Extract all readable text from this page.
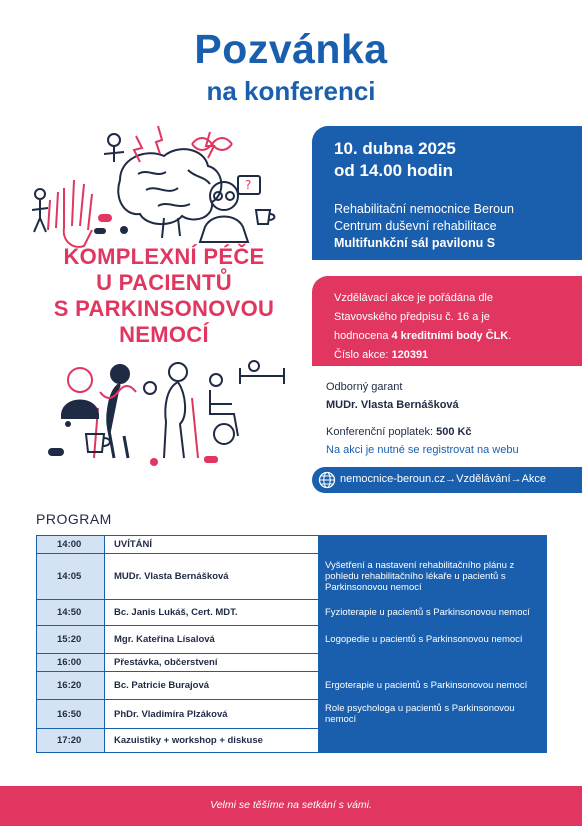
Pozvánka
na konferenci
?
KOMPLEXNÍ PÉČE
U PACIENTŮ
S PARKINSONOVOU
NEMOCÍ
10. dubna 2025
od 14.00 hodin
Rehabilitační nemocnice Beroun
Centrum duševní rehabilitace
Multifunkční sál pavilonu S
Vzdělávací akce je pořádána dle
Stavovského předpisu č. 16 a je
hodnocena 4 kreditními body ČLK.
Číslo akce: 120391
Odborný garant
MUDr. Vlasta Bernášková
Konferenční poplatek: 500 Kč
Na akci je nutné se registrovat na webu
nemocnice-beroun.cz→Vzdělávání→Akce
PROGRAM
14:00	UVÍTÁNÍ	
14:05	MUDr. Vlasta Bernášková	Vyšetření a nastavení rehabilitačního plánu z pohledu rehabilitačního lékaře u pacientů s Parkinsonovou nemocí
14:50	Bc. Janis Lukáš, Cert. MDT.	Fyzioterapie u pacientů s Parkinsonovou nemocí
15:20	Mgr. Kateřina Lísalová	Logopedie u pacientů s Parkinsonovou nemocí
16:00	Přestávka, občerstvení	
16:20	Bc. Patricie Burajová	Ergoterapie u pacientů s Parkinsonovou nemocí
16:50	PhDr. Vladimíra Plzáková	Role psychologa u pacientů s Parkinsonovou nemocí
17:20	Kazuistiky + workshop + diskuse	
Velmi se těšíme na setkání s vámi.
